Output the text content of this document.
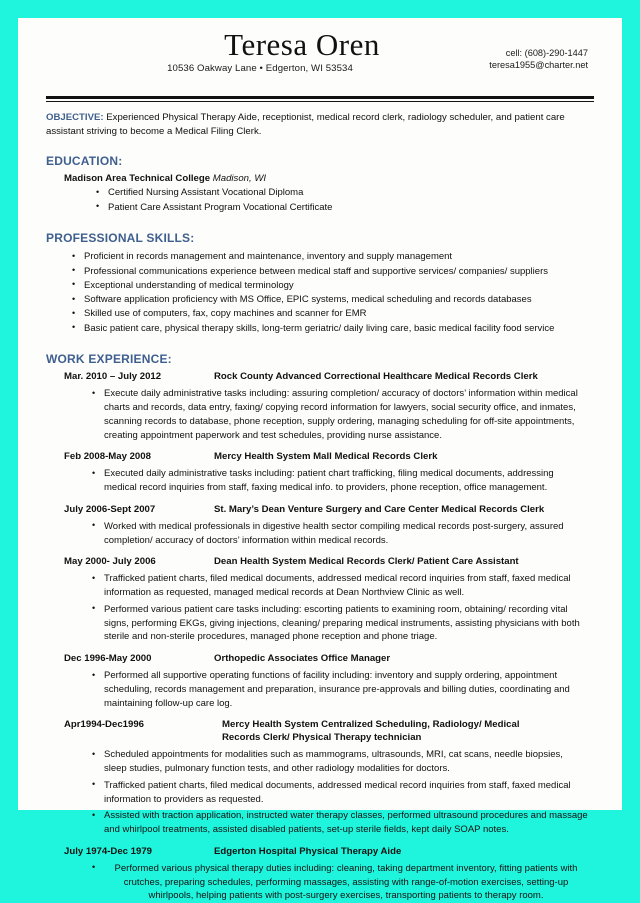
Teresa Oren
10536 Oakway Lane • Edgerton, WI 53534
cell: (608)-290-1447
teresa1955@charter.net

OBJECTIVE: Experienced Physical Therapy Aide, receptionist, medical record clerk, radiology scheduler, and patient care assistant striving to become a Medical Filing Clerk.

EDUCATION:

Madison Area Technical College Madison, WI

• Certified Nursing Assistant Vocational Diploma
• Patient Care Assistant Program Vocational Certificate
PROFESSIONAL SKILLS:
• Proficient in records management and maintenance, inventory and supply management
• Professional communications experience between medical staff and supportive services/ companies/ suppliers
• Exceptional understanding of medical terminology
• Software application proficiency with MS Office, EPIC systems, medical scheduling and records databases
• Skilled use of computers, fax, copy machines and scanner for EMR
• Basic patient care, physical therapy skills, long-term geriatric/ daily living care, basic medical facility food service
WORK EXPERIENCE:
Mar. 2010 – July 2012	Rock County Advanced Correctional Healthcare Medical Records Clerk
• Execute daily administrative tasks including: assuring completion/ accuracy of doctors’ information within medical charts and records, data entry, faxing/ copying record information for lawyers, social security office, and inmates, scanning records to database, phone reception, supply ordering, managing scheduling for off-site appointments, creating appointment paperwork and test schedules, providing nurse assistance.
Feb 2008-May 2008	Mercy Health System Mall Medical Records Clerk
• Executed daily administrative tasks including: patient chart trafficking, filing medical documents, addressing medical record inquiries from staff, faxing medical info. to providers, phone reception, office management.
July 2006-Sept 2007	St. Mary’s Dean Venture Surgery and Care Center Medical Records Clerk
• Worked with medical professionals in digestive health sector compiling medical records post-surgery, assured completion/ accuracy of doctors’ information within medical records.
May 2000- July 2006	Dean Health System Medical Records Clerk/ Patient Care Assistant
• Trafficked patient charts, filed medical documents, addressed medical record inquiries from staff, faxed medical information as requested, managed medical records at Dean Northview Clinic as well.
• Performed various patient care tasks including: escorting patients to examining room, obtaining/ recording vital signs, performing EKGs, giving injections, cleaning/ preparing medical instruments, assisting physicians with both sterile and non-sterile procedures, managed phone reception and phone triage.
Dec 1996-May 2000	Orthopedic Associates Office Manager
• Performed all supportive operating functions of facility including: inventory and supply ordering, appointment scheduling, records management and preparation, insurance pre-approvals and billing duties, coordinating and maintaining follow-up care log.
Apr1994-Dec1996	Mercy Health System Centralized Scheduling, Radiology/ Medical Records Clerk/ Physical Therapy technician
• Scheduled appointments for modalities such as mammograms, ultrasounds, MRI, cat scans, needle biopsies, sleep studies, pulmonary function tests, and other radiology modalities for doctors.
• Trafficked patient charts, filed medical documents, addressed medical record inquiries from staff, faxed medical information to providers as requested.
• Assisted with traction application, instructed water therapy classes, performed ultrasound procedures and massage and whirlpool treatments, assisted disabled patients, set-up sterile fields, kept daily SOAP notes.
July 1974-Dec 1979	Edgerton Hospital Physical Therapy Aide
• Performed various physical therapy duties including: cleaning, taking department inventory, fitting patients with crutches, preparing schedules, performing massages, assisting with range-of-motion exercises, setting-up whirlpools, helping patients with post-surgery exercises, transporting patients to therapy room.
